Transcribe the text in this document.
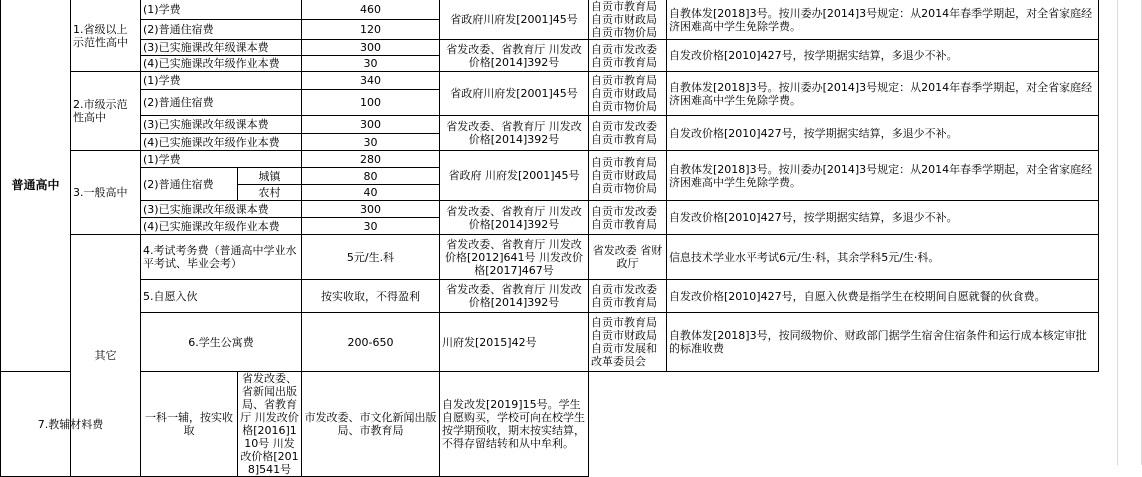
普通高中	1.省级以上示范性高中	(1)学费		460	省政府川府发[2001]45号	自贡市教育局 自贡市财政局 自贡市物价局	自教体发[2018]3号。按川委办[2014]3号规定：从2014年春季学期起，对全省家庭经济困难高中学生免除学费。
		(2)普通住宿费		120			
		(3)已实施课改年级课本费		300	省发改委、省教育厅 川发改价格[2014]392号	自贡市发改委 自贡市教育局	自发改价格[2010]427号，按学期据实结算，多退少不补。
		(4)已实施课改年级作业本费		30			
	2.市级示范性高中	(1)学费		340	省政府川府发[2001]45号	自贡市教育局 自贡市财政局 自贡市物价局	自教体发[2018]3号。按川委办[2014]3号规定：从2014年春季学期起，对全省家庭经济困难高中学生免除学费。
		(2)普通住宿费		100			
		(3)已实施课改年级课本费		300	省发改委、省教育厅 川发改价格[2014]392号	自贡市发改委 自贡市教育局	自发改价格[2010]427号，按学期据实结算，多退少不补。
		(4)已实施课改年级作业本费		30			
	3.一般高中	(1)学费		280	省政府 川府发[2001]45号	自贡市教育局 自贡市财政局 自贡市物价局	自教体发[2018]3号。按川委办[2014]3号规定：从2014年春季学期起，对全省家庭经济困难高中学生免除学费。
		(2)普通住宿费	城镇	80			
			农村	40			
		(3)已实施课改年级课本费		300	省发改委、省教育厅 川发改价格[2014]392号	自贡市发改委 自贡市教育局	自发改价格[2010]427号，按学期据实结算，多退少不补。
		(4)已实施课改年级作业本费		30			
	其它	4.考试考务费（普通高中学业水平考试、毕业会考）		5元/生.科	省发改委、省教育厅 川发改价格[2012]641号 川发改价格[2017]467号	省发改委 省财政厅	信息技术学业水平考试6元/生·科，其余学科5元/生·科。
		5.自愿入伙		按实收取，不得盈利	省发改委、省教育厅 川发改价格[2014]392号	自贡市发改委 自贡市教育局	自发改价格[2010]427号，自愿入伙费是指学生在校期间自愿就餐的伙食费。
		6.学生公寓费		200-650	川府发[2015]42号	自贡市教育局 自贡市财政局 自贡市发展和改革委员会	自教体发[2018]3号，按同级物价、财政部门据学生宿舍住宿条件和运行成本核定审批的标准收费
7.教辅材料费		一科一辅，按实收取	省发改委、省新闻出版局、省教育厅 川发改价格[2016]110号 川发改价格[2018]541号	市发改委、市文化新闻出版局、市教育局	自发改发[2019]15号。学生自愿购买，学校可向在校学生按学期预收，期末按实结算，不得存留结转和从中牟利。		
